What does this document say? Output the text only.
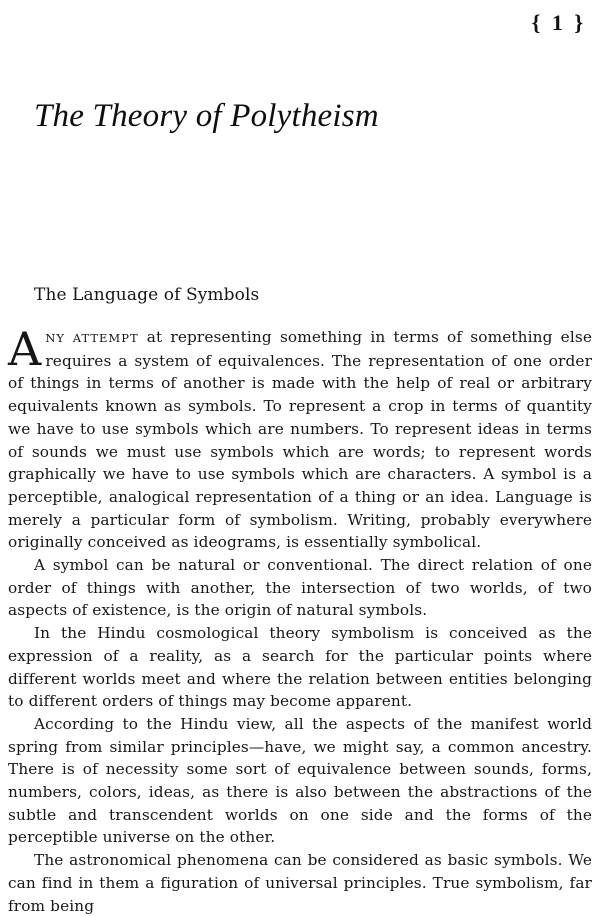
{ 1 }
The Theory of Polytheism
The Language of Symbols

ANY ATTEMPT at representing something in terms of something else requires a system of equivalences. The representation of one order of things in terms of another is made with the help of real or arbitrary equivalents known as symbols. To represent a crop in terms of quantity we have to use symbols which are numbers. To represent ideas in terms of sounds we must use symbols which are words; to represent words graphically we have to use symbols which are characters. A symbol is a perceptible, analogical representation of a thing or an idea. Language is merely a particular form of symbolism. Writing, probably everywhere originally conceived as ideograms, is essentially symbolical.

A symbol can be natural or conventional. The direct relation of one order of things with another, the intersection of two worlds, of two aspects of existence, is the origin of natural symbols.

In the Hindu cosmological theory symbolism is conceived as the expression of a reality, as a search for the particular points where different worlds meet and where the relation between entities belonging to different orders of things may become apparent.

According to the Hindu view, all the aspects of the manifest world spring from similar principles—have, we might say, a common ancestry. There is of necessity some sort of equivalence between sounds, forms, numbers, colors, ideas, as there is also between the abstractions of the subtle and transcendent worlds on one side and the forms of the perceptible universe on the other.

The astronomical phenomena can be considered as basic symbols. We can find in them a figuration of universal principles. True symbolism, far from being
